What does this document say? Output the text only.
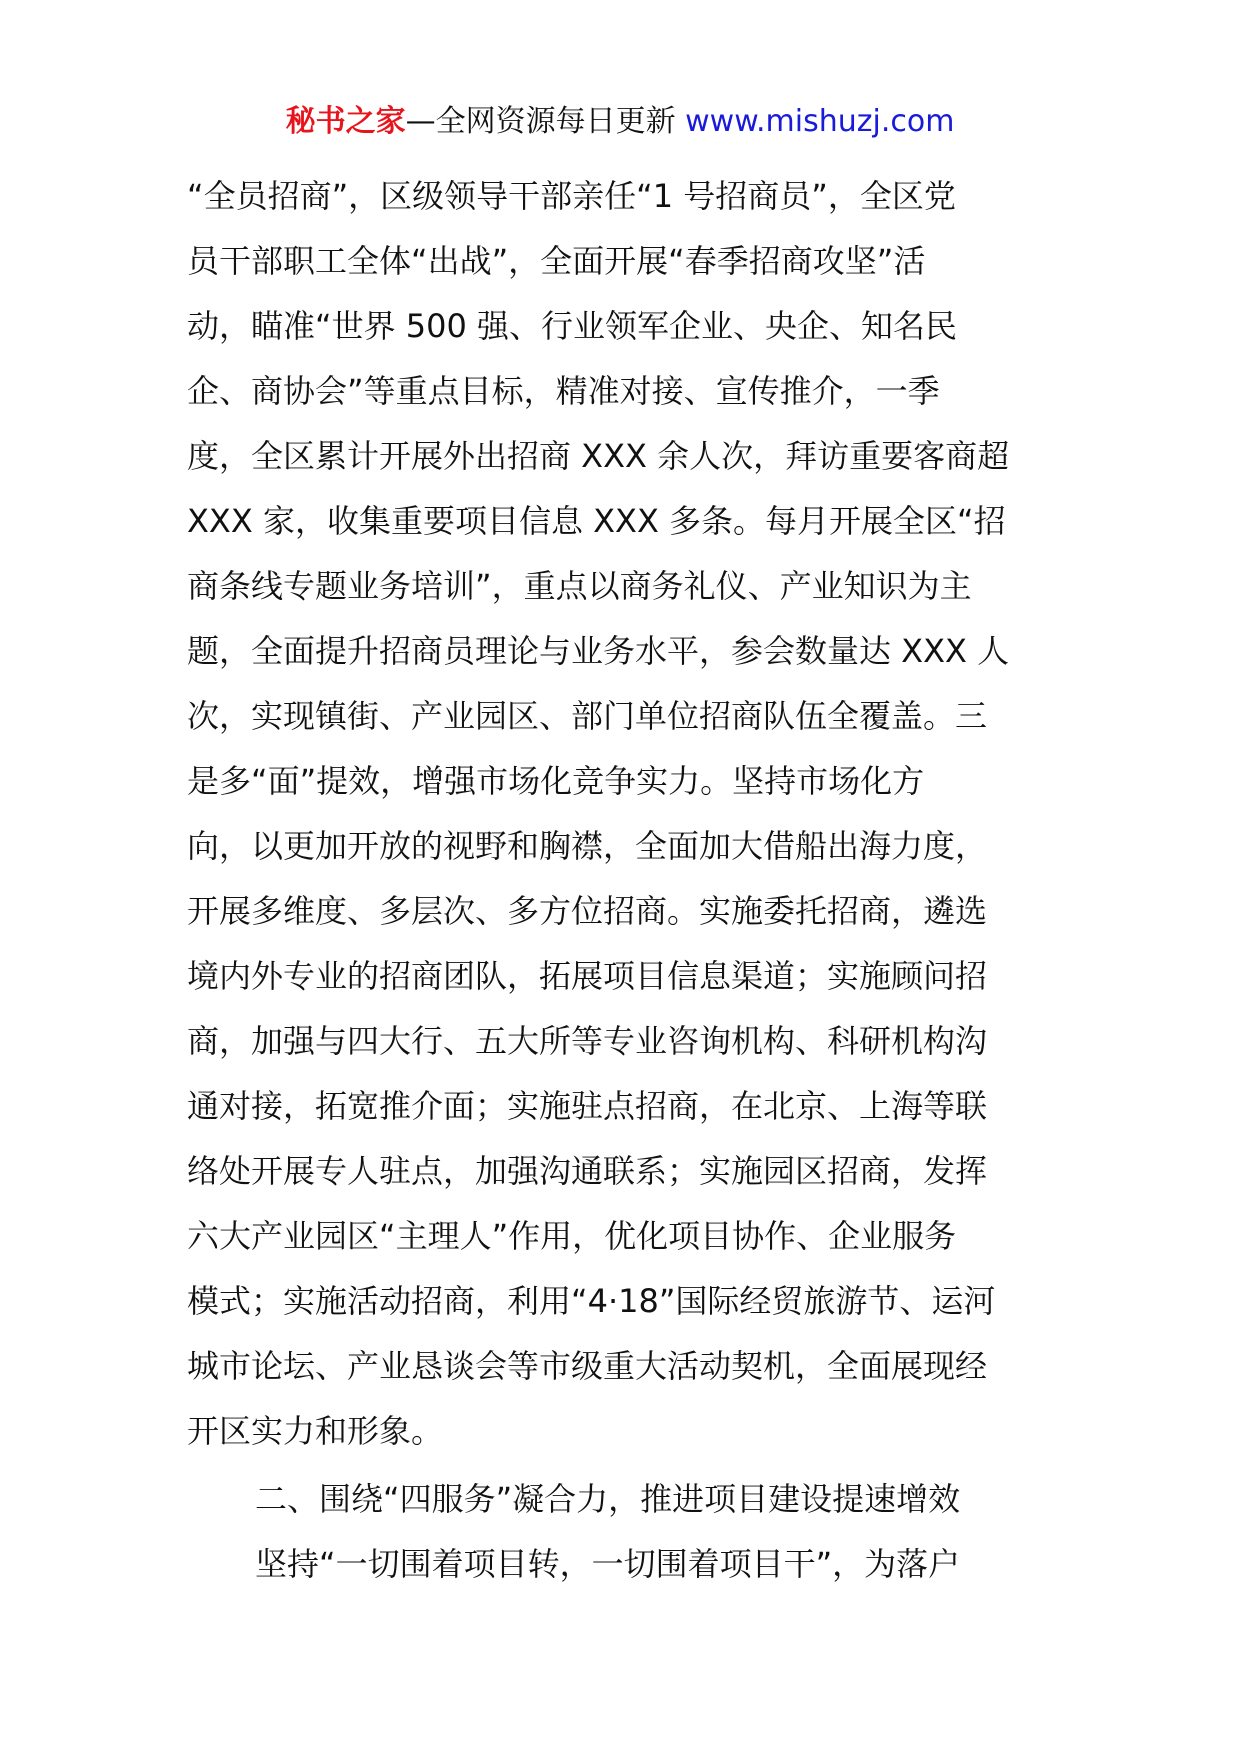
秘书之家—全网资源每日更新 www.mishuzj.com
“全员招商”，区级领导干部亲任“1 号招商员”，全区党
员干部职工全体“出战”，全面开展“春季招商攻坚”活
动，瞄准“世界 500 强、行业领军企业、央企、知名民
企、商协会”等重点目标，精准对接、宣传推介，一季
度，全区累计开展外出招商 XXX 余人次，拜访重要客商超
XXX 家，收集重要项目信息 XXX 多条。每月开展全区“招
商条线专题业务培训”，重点以商务礼仪、产业知识为主
题，全面提升招商员理论与业务水平，参会数量达 XXX 人
次，实现镇街、产业园区、部门单位招商队伍全覆盖。三
是多“面”提效，增强市场化竞争实力。坚持市场化方
向，以更加开放的视野和胸襟，全面加大借船出海力度，
开展多维度、多层次、多方位招商。实施委托招商，遴选
境内外专业的招商团队，拓展项目信息渠道；实施顾问招
商，加强与四大行、五大所等专业咨询机构、科研机构沟
通对接，拓宽推介面；实施驻点招商，在北京、上海等联
络处开展专人驻点，加强沟通联系；实施园区招商，发挥
六大产业园区“主理人”作用，优化项目协作、企业服务
模式；实施活动招商，利用“4·18”国际经贸旅游节、运河
城市论坛、产业恳谈会等市级重大活动契机，全面展现经
开区实力和形象。
二、围绕“四服务”凝合力，推进项目建设提速增效
坚持“一切围着项目转，一切围着项目干”，为落户
